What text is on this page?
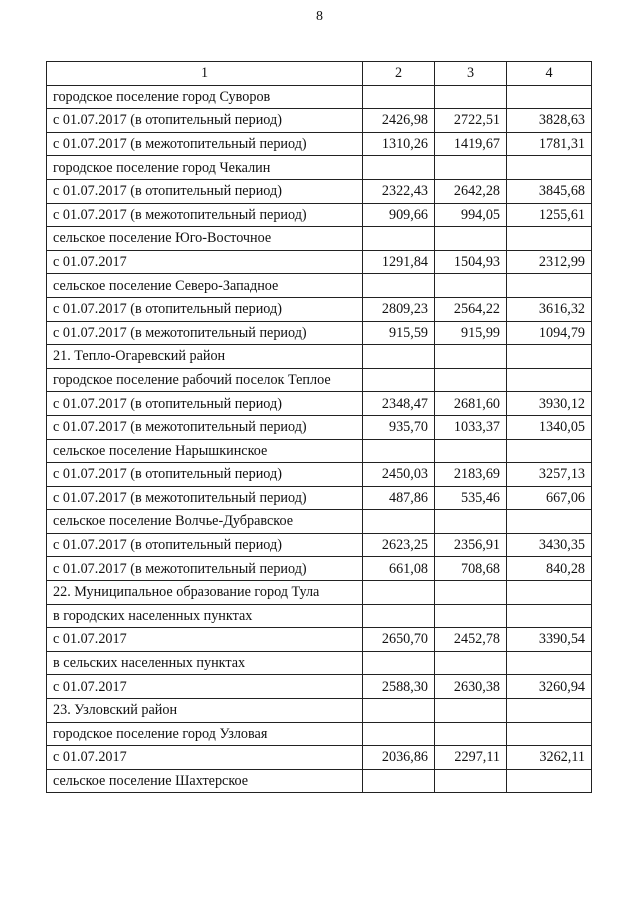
8
1	2	3	4
городское поселение город Суворов			
с 01.07.2017 (в отопительный период)	2426,98	2722,51	3828,63
с 01.07.2017 (в межотопительный период)	1310,26	1419,67	1781,31
городское поселение город Чекалин			
с 01.07.2017 (в отопительный период)	2322,43	2642,28	3845,68
с 01.07.2017 (в межотопительный период)	909,66	994,05	1255,61
сельское поселение Юго-Восточное			
с 01.07.2017	1291,84	1504,93	2312,99
сельское поселение Северо-Западное			
с 01.07.2017 (в отопительный период)	2809,23	2564,22	3616,32
с 01.07.2017 (в межотопительный период)	915,59	915,99	1094,79
21. Тепло-Огаревский район			
городское поселение рабочий поселок Теплое			
с 01.07.2017 (в отопительный период)	2348,47	2681,60	3930,12
с 01.07.2017 (в межотопительный период)	935,70	1033,37	1340,05
сельское поселение Нарышкинское			
с 01.07.2017 (в отопительный период)	2450,03	2183,69	3257,13
с 01.07.2017 (в межотопительный период)	487,86	535,46	667,06
сельское поселение Волчье-Дубравское			
с 01.07.2017 (в отопительный период)	2623,25	2356,91	3430,35
с 01.07.2017 (в межотопительный период)	661,08	708,68	840,28
22. Муниципальное образование город Тула			
в городских населенных пунктах			
с 01.07.2017	2650,70	2452,78	3390,54
в сельских населенных пунктах			
с 01.07.2017	2588,30	2630,38	3260,94
23. Узловский район			
городское поселение город Узловая			
с 01.07.2017	2036,86	2297,11	3262,11
сельское поселение Шахтерское			
